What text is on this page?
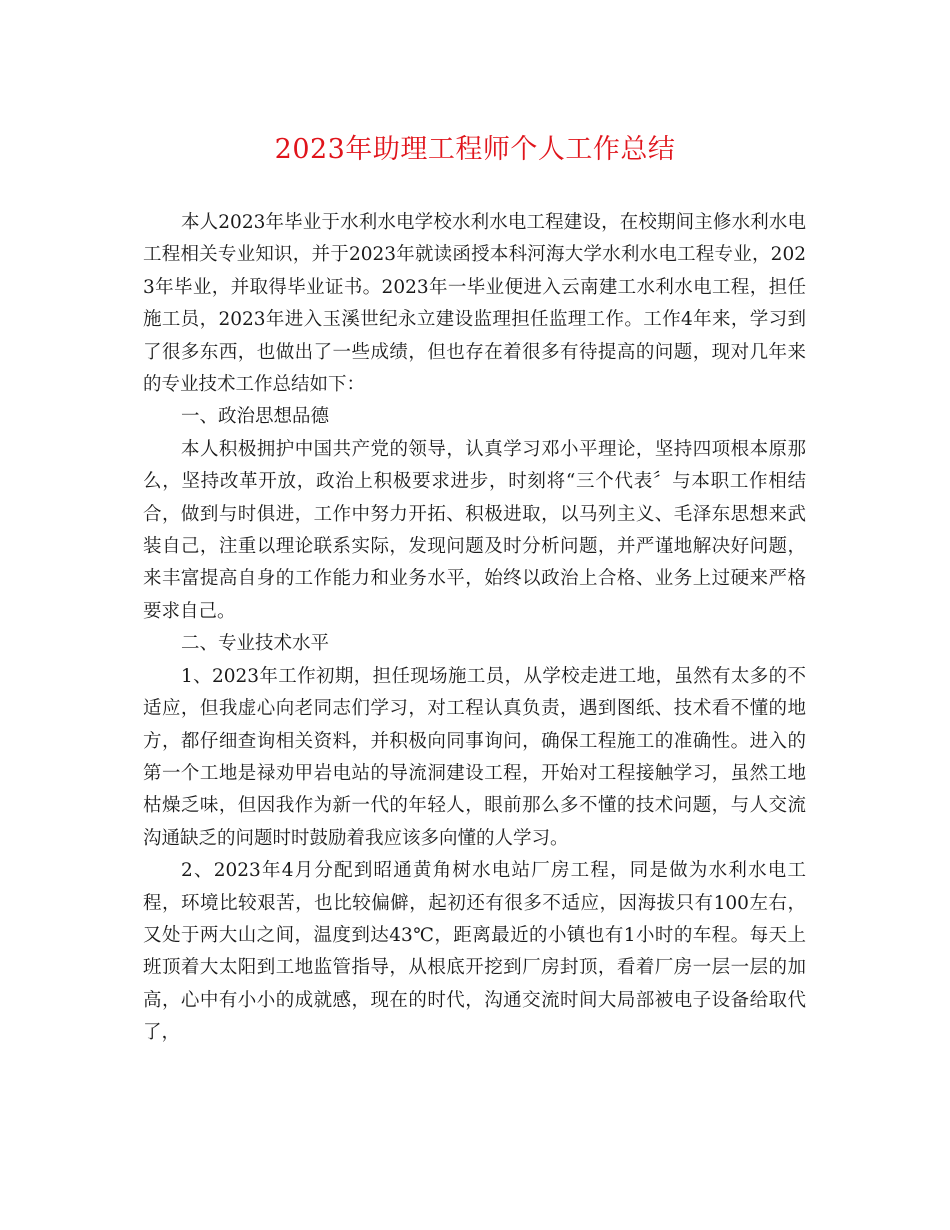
2023年助理工程师个人工作总结

本人2023年毕业于水利水电学校水利水电工程建设，在校期间主修水利水电工程相关专业知识，并于2023年就读函授本科河海大学水利水电工程专业，2023年毕业，并取得毕业证书。2023年一毕业便进入云南建工水利水电工程，担任施工员，2023年进入玉溪世纪永立建设监理担任监理工作。工作4年来，学习到了很多东西，也做出了一些成绩，但也存在着很多有待提高的问题，现对几年来的专业技术工作总结如下：

一、政治思想品德

本人积极拥护中国共产党的领导，认真学习邓小平理论，坚持四项根本原那么，坚持改革开放，政治上积极要求进步，时刻将“三个代表〞与本职工作相结合，做到与时俱进，工作中努力开拓、积极进取，以马列主义、毛泽东思想来武装自己，注重以理论联系实际，发现问题及时分析问题，并严谨地解决好问题，来丰富提高自身的工作能力和业务水平，始终以政治上合格、业务上过硬来严格要求自己。

二、专业技术水平

1、2023年工作初期，担任现场施工员，从学校走进工地，虽然有太多的不适应，但我虚心向老同志们学习，对工程认真负责，遇到图纸、技术看不懂的地方，都仔细查询相关资料，并积极向同事询问，确保工程施工的准确性。进入的第一个工地是禄劝甲岩电站的导流洞建设工程，开始对工程接触学习，虽然工地枯燥乏味，但因我作为新一代的年轻人，眼前那么多不懂的技术问题，与人交流沟通缺乏的问题时时鼓励着我应该多向懂的人学习。

2、2023年4月分配到昭通黄角树水电站厂房工程，同是做为水利水电工程，环境比较艰苦，也比较偏僻，起初还有很多不适应，因海拔只有100左右，又处于两大山之间，温度到达43℃，距离最近的小镇也有1小时的车程。每天上班顶着大太阳到工地监管指导，从根底开挖到厂房封顶，看着厂房一层一层的加高，心中有小小的成就感，现在的时代，沟通交流时间大局部被电子设备给取代了，
